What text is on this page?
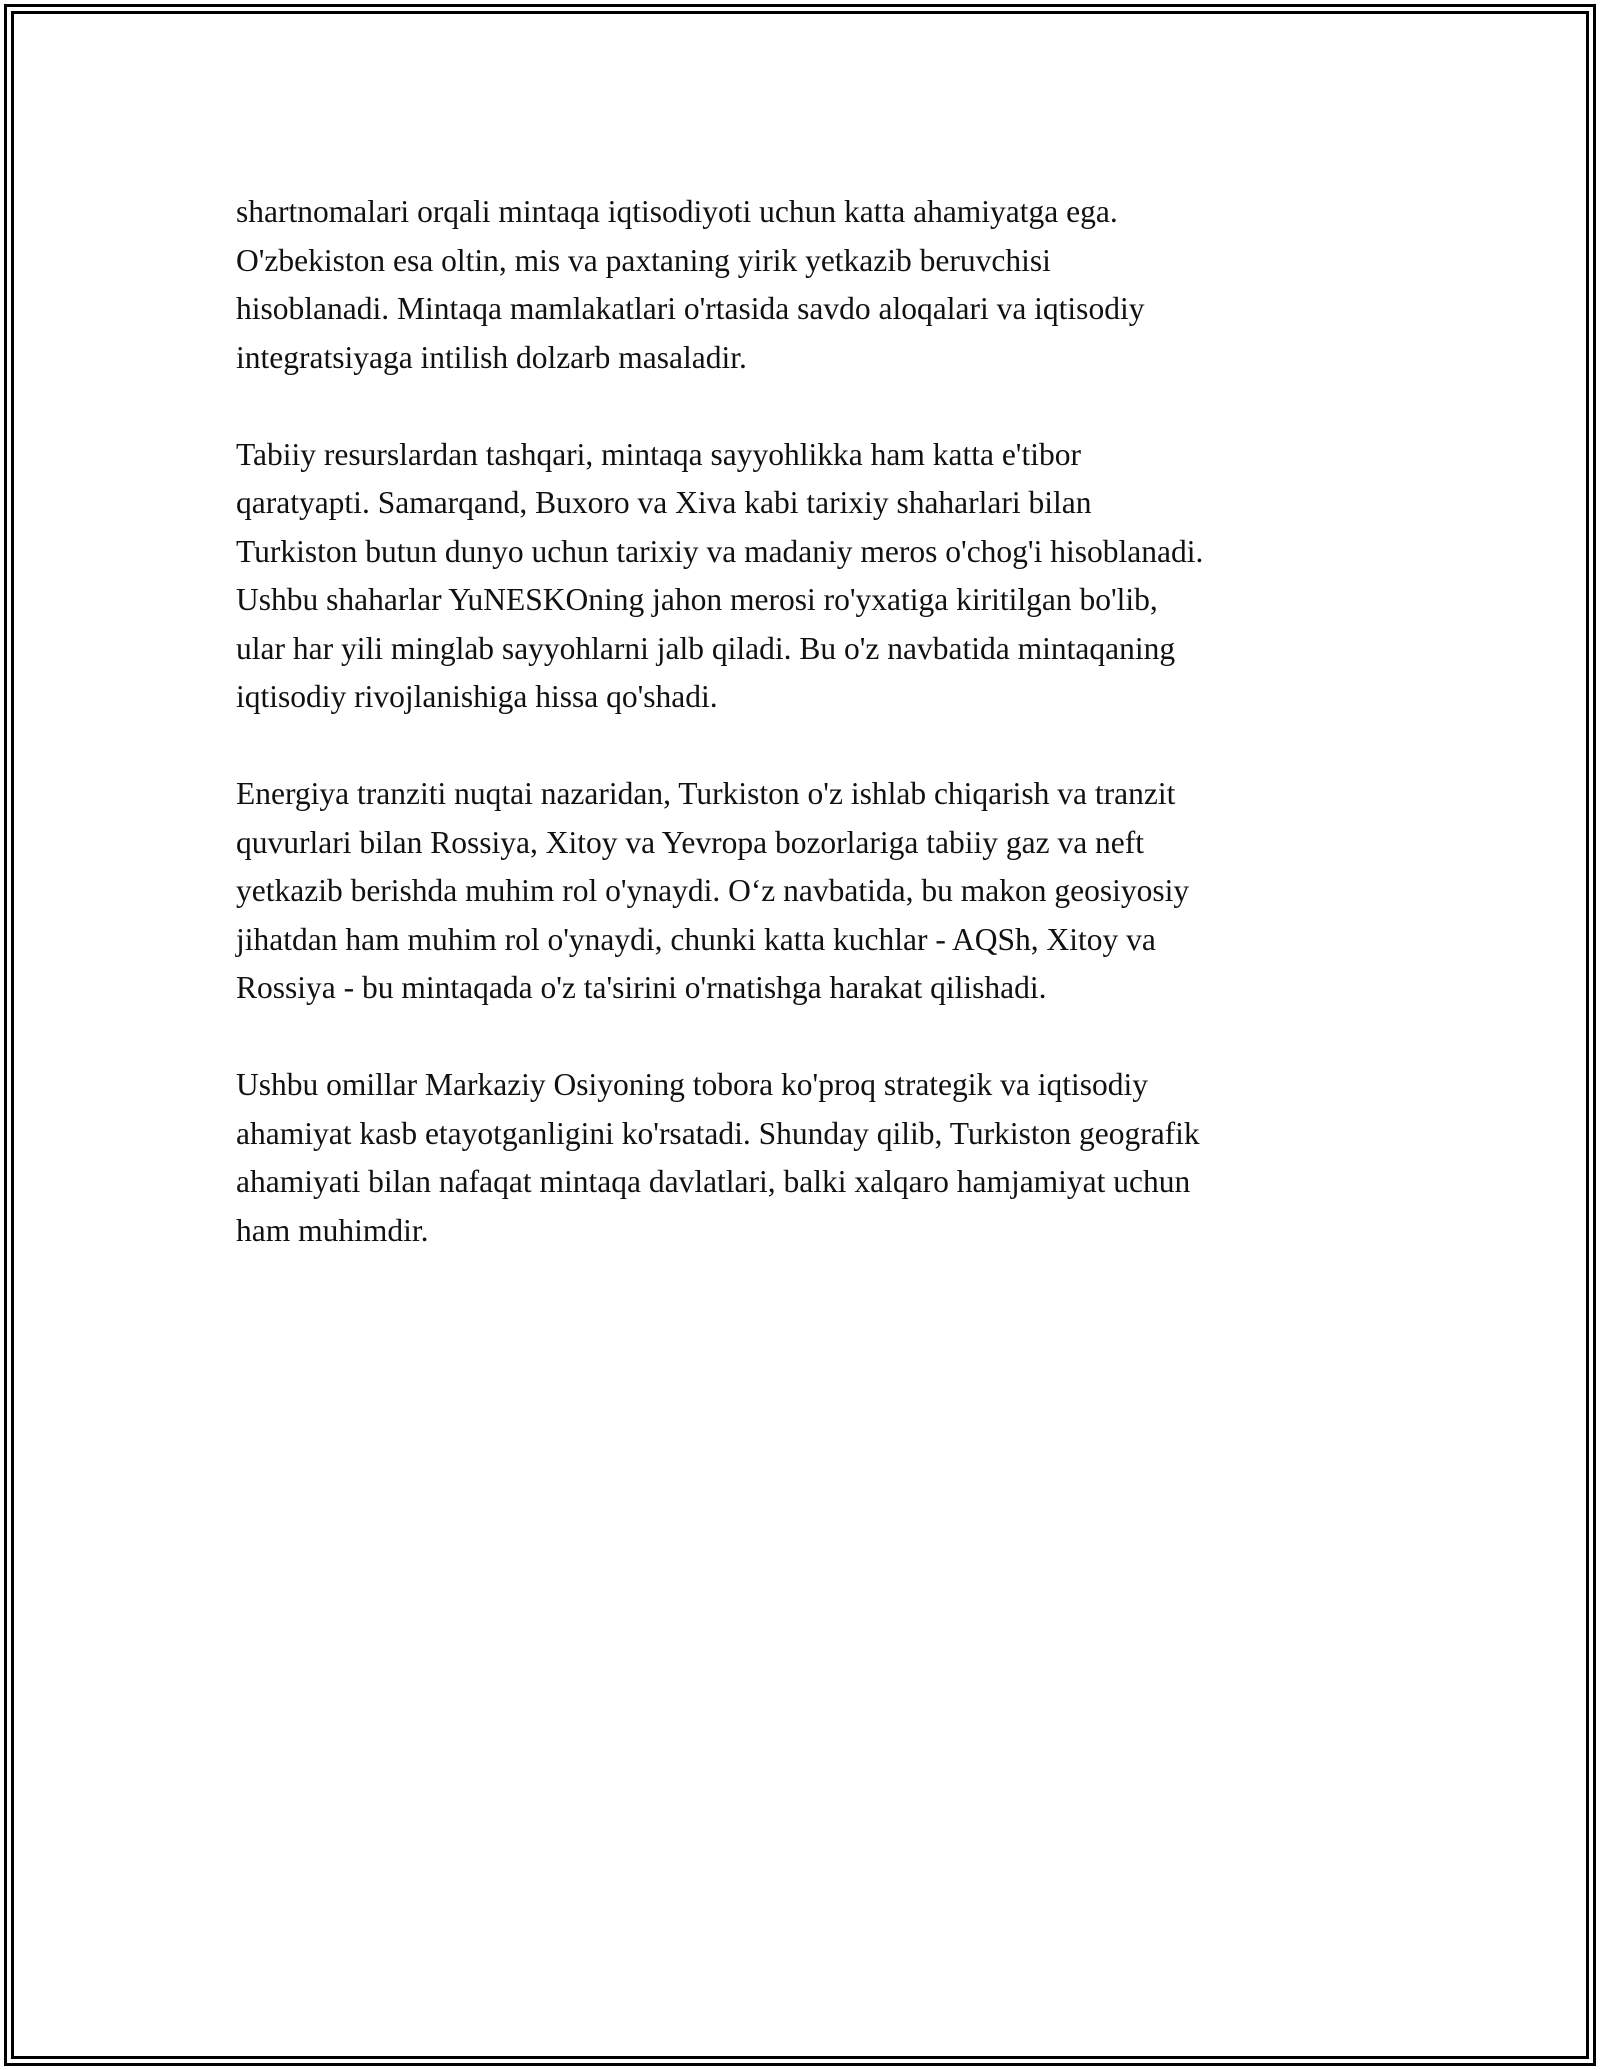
shartnomalari orqali mintaqa iqtisodiyoti uchun katta ahamiyatga ega.
O'zbekiston esa oltin, mis va paxtaning yirik yetkazib beruvchisi
hisoblanadi. Mintaqa mamlakatlari o'rtasida savdo aloqalari va iqtisodiy
integratsiyaga intilish dolzarb masaladir.

Tabiiy resurslardan tashqari, mintaqa sayyohlikka ham katta e'tibor
qaratyapti. Samarqand, Buxoro va Xiva kabi tarixiy shaharlari bilan
Turkiston butun dunyo uchun tarixiy va madaniy meros o'chog'i hisoblanadi.
Ushbu shaharlar YuNESKOning jahon merosi ro'yxatiga kiritilgan bo'lib,
ular har yili minglab sayyohlarni jalb qiladi. Bu o'z navbatida mintaqaning
iqtisodiy rivojlanishiga hissa qo'shadi.

Energiya tranziti nuqtai nazaridan, Turkiston o'z ishlab chiqarish va tranzit
quvurlari bilan Rossiya, Xitoy va Yevropa bozorlariga tabiiy gaz va neft
yetkazib berishda muhim rol o'ynaydi. O‘z navbatida, bu makon geosiyosiy
jihatdan ham muhim rol o'ynaydi, chunki katta kuchlar - AQSh, Xitoy va
Rossiya - bu mintaqada o'z ta'sirini o'rnatishga harakat qilishadi.

Ushbu omillar Markaziy Osiyoning tobora ko'proq strategik va iqtisodiy
ahamiyat kasb etayotganligini ko'rsatadi. Shunday qilib, Turkiston geografik
ahamiyati bilan nafaqat mintaqa davlatlari, balki xalqaro hamjamiyat uchun
ham muhimdir.
